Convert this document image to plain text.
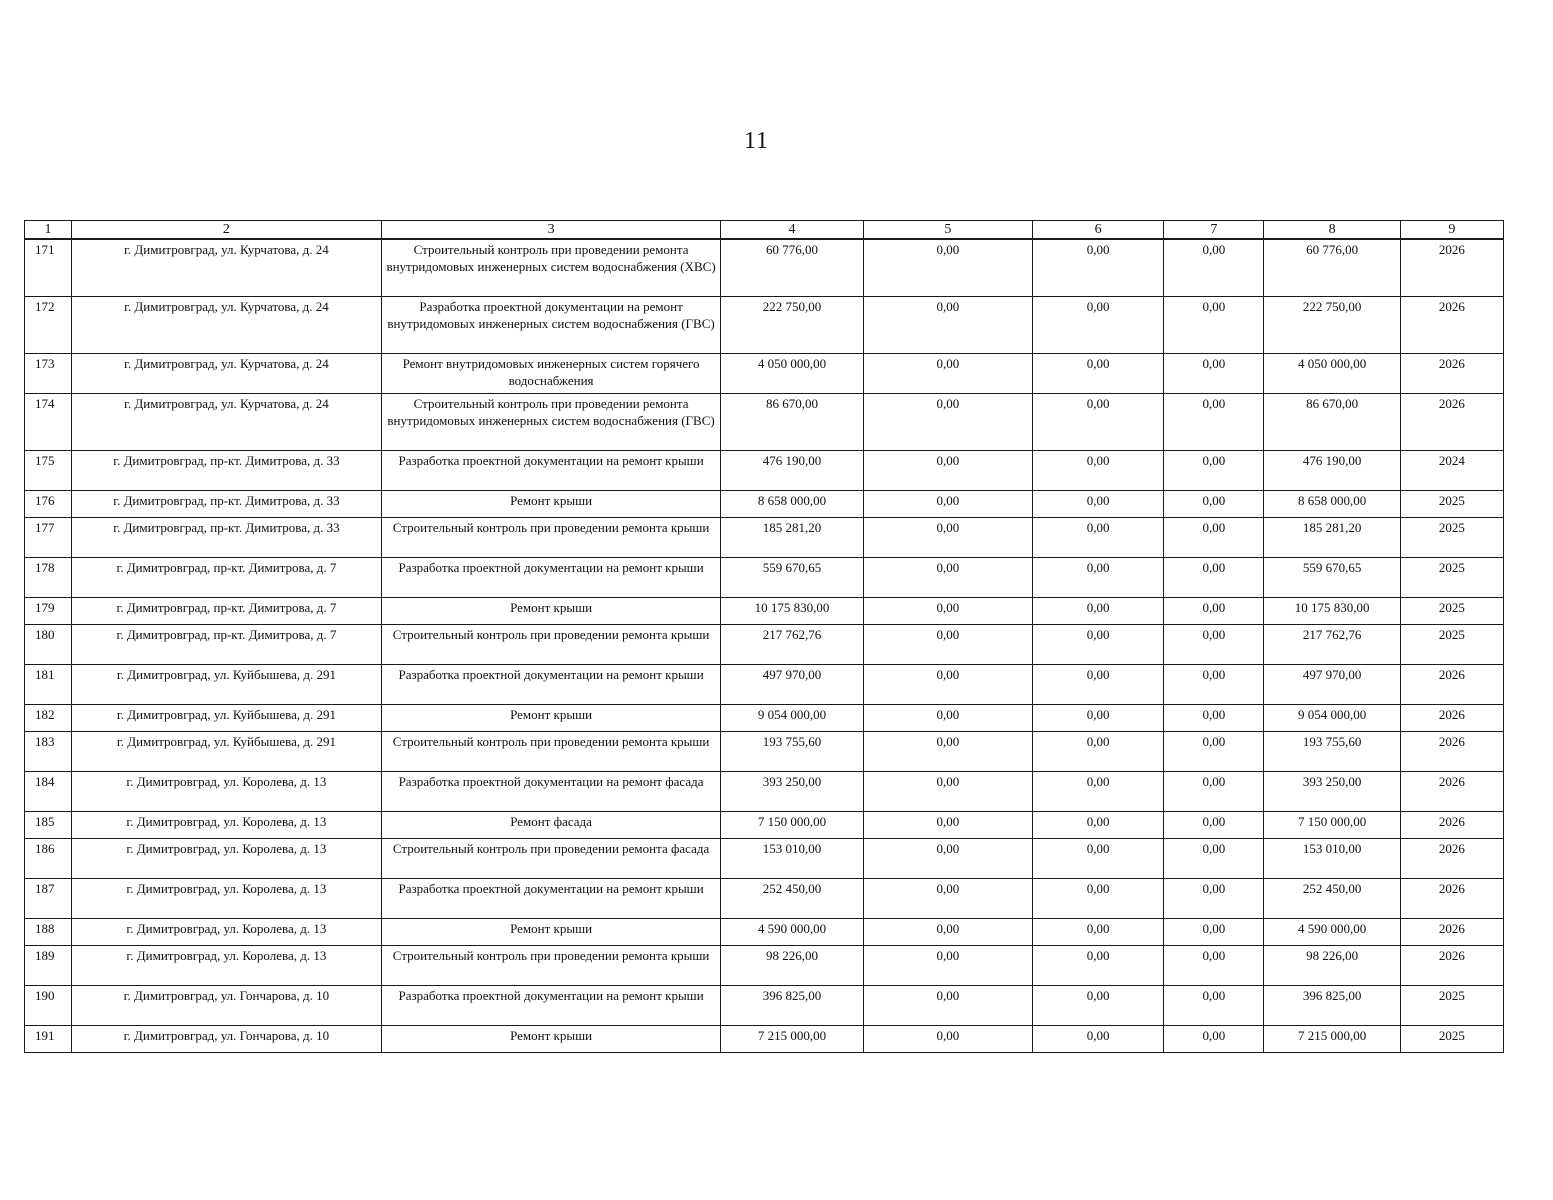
11
1	2	3	4	5	6	7	8	9
171	г. Димитровград, ул. Курчатова, д. 24	Строительный контроль при проведении ремонта внутридомовых инженерных систем водоснабжения (ХВС)	60 776,00	0,00	0,00	0,00	60 776,00	2026
172	г. Димитровград, ул. Курчатова, д. 24	Разработка проектной документации на ремонт внутридомовых инженерных систем водоснабжения (ГВС)	222 750,00	0,00	0,00	0,00	222 750,00	2026
173	г. Димитровград, ул. Курчатова, д. 24	Ремонт внутридомовых инженерных систем горячего водоснабжения	4 050 000,00	0,00	0,00	0,00	4 050 000,00	2026
174	г. Димитровград, ул. Курчатова, д. 24	Строительный контроль при проведении ремонта внутридомовых инженерных систем водоснабжения (ГВС)	86 670,00	0,00	0,00	0,00	86 670,00	2026
175	г. Димитровград, пр-кт. Димитрова, д. 33	Разработка проектной документации на ремонт крыши	476 190,00	0,00	0,00	0,00	476 190,00	2024
176	г. Димитровград, пр-кт. Димитрова, д. 33	Ремонт крыши	8 658 000,00	0,00	0,00	0,00	8 658 000,00	2025
177	г. Димитровград, пр-кт. Димитрова, д. 33	Строительный контроль при проведении ремонта крыши	185 281,20	0,00	0,00	0,00	185 281,20	2025
178	г. Димитровград, пр-кт. Димитрова, д. 7	Разработка проектной документации на ремонт крыши	559 670,65	0,00	0,00	0,00	559 670,65	2025
179	г. Димитровград, пр-кт. Димитрова, д. 7	Ремонт крыши	10 175 830,00	0,00	0,00	0,00	10 175 830,00	2025
180	г. Димитровград, пр-кт. Димитрова, д. 7	Строительный контроль при проведении ремонта крыши	217 762,76	0,00	0,00	0,00	217 762,76	2025
181	г. Димитровград, ул. Куйбышева, д. 291	Разработка проектной документации на ремонт крыши	497 970,00	0,00	0,00	0,00	497 970,00	2026
182	г. Димитровград, ул. Куйбышева, д. 291	Ремонт крыши	9 054 000,00	0,00	0,00	0,00	9 054 000,00	2026
183	г. Димитровград, ул. Куйбышева, д. 291	Строительный контроль при проведении ремонта крыши	193 755,60	0,00	0,00	0,00	193 755,60	2026
184	г. Димитровград, ул. Королева, д. 13	Разработка проектной документации на ремонт фасада	393 250,00	0,00	0,00	0,00	393 250,00	2026
185	г. Димитровград, ул. Королева, д. 13	Ремонт фасада	7 150 000,00	0,00	0,00	0,00	7 150 000,00	2026
186	г. Димитровград, ул. Королева, д. 13	Строительный контроль при проведении ремонта фасада	153 010,00	0,00	0,00	0,00	153 010,00	2026
187	г. Димитровград, ул. Королева, д. 13	Разработка проектной документации на ремонт крыши	252 450,00	0,00	0,00	0,00	252 450,00	2026
188	г. Димитровград, ул. Королева, д. 13	Ремонт крыши	4 590 000,00	0,00	0,00	0,00	4 590 000,00	2026
189	г. Димитровград, ул. Королева, д. 13	Строительный контроль при проведении ремонта крыши	98 226,00	0,00	0,00	0,00	98 226,00	2026
190	г. Димитровград, ул. Гончарова, д. 10	Разработка проектной документации на ремонт крыши	396 825,00	0,00	0,00	0,00	396 825,00	2025
191	г. Димитровград, ул. Гончарова, д. 10	Ремонт крыши	7 215 000,00	0,00	0,00	0,00	7 215 000,00	2025
